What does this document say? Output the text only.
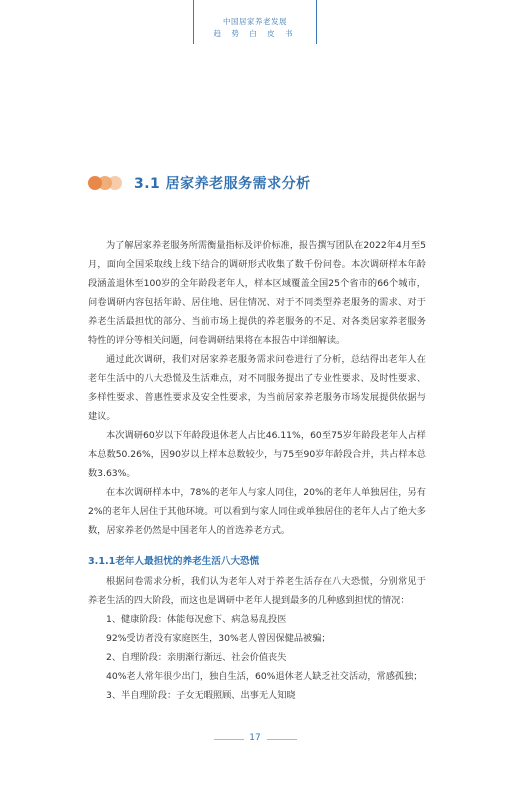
中国居家养老发展
趋 势 白 皮 书
3.1 居家养老服务需求分析

为了解居家养老服务所需衡量指标及评价标准，报告撰写团队在2022年4月至5月，面向全国采取线上线下结合的调研形式收集了数千份问卷。本次调研样本年龄段涵盖退休至100岁的全年龄段老年人，样本区域覆盖全国25个省市的66个城市，问卷调研内容包括年龄、居住地、居住情况、对于不同类型养老服务的需求、对于养老生活最担忧的部分、当前市场上提供的养老服务的不足、对各类居家养老服务特性的评分等相关问题，问卷调研结果将在本报告中详细解读。

通过此次调研，我们对居家养老服务需求问卷进行了分析，总结得出老年人在老年生活中的八大恐慌及生活难点，对不同服务提出了专业性要求、及时性要求、多样性要求、普惠性要求及安全性要求，为当前居家养老服务市场发展提供依据与建议。

本次调研60岁以下年龄段退休老人占比46.11%，60至75岁年龄段老年人占样本总数50.26%，因90岁以上样本总数较少，与75至90岁年龄段合并，共占样本总数3.63%。

在本次调研样本中，78%的老年人与家人同住，20%的老年人单独居住，另有2%的老年人居住于其他环境。可以看到与家人同住或单独居住的老年人占了绝大多数，居家养老仍然是中国老年人的首选养老方式。

3.1.1老年人最担忧的养老生活八大恐慌

根据问卷需求分析，我们认为老年人对于养老生活存在八大恐慌，分别常见于养老生活的四大阶段，而这也是调研中老年人提到最多的几种感到担忧的情况：

1、健康阶段：体能每况愈下、病急易乱投医

92%受访者没有家庭医生，30%老人曾因保健品被骗；

2、自理阶段：亲朋渐行渐远、社会价值丧失

40%老人常年很少出门，独自生活，60%退休老人缺乏社交活动，常感孤独；

3、半自理阶段：子女无暇照顾、出事无人知晓

17
